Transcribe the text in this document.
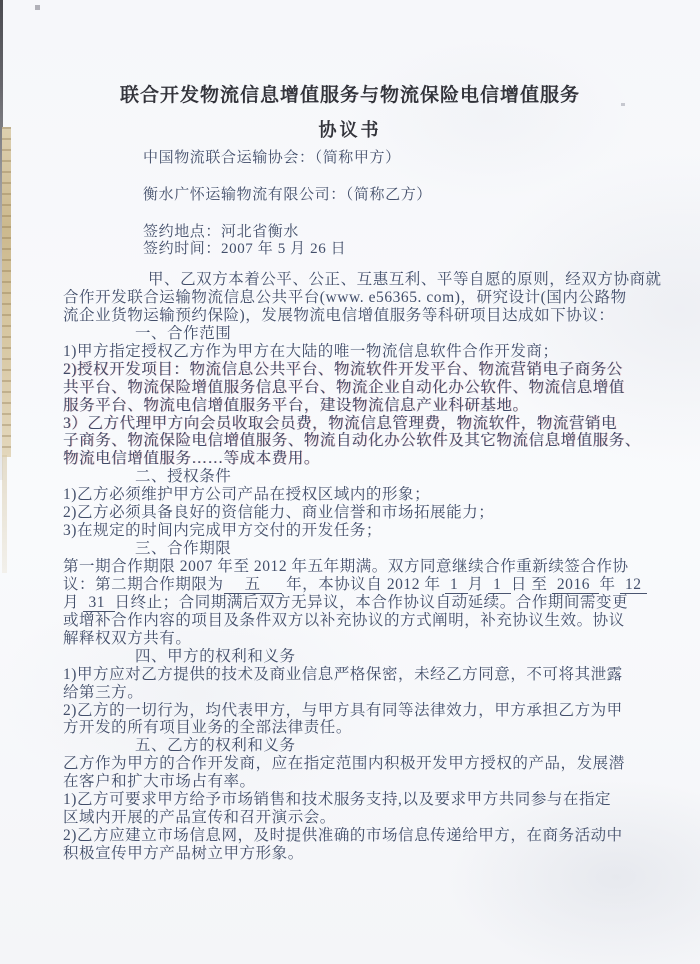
联合开发物流信息增值服务与物流保险电信增值服务
协议书
中国物流联合运输协会：（简称甲方）
衡水广怀运输物流有限公司：（简称乙方）
签约地点：河北省衡水
签约时间：2007 年 5 月 26 日
甲、乙双方本着公平、公正、互惠互利、平等自愿的原则，经双方协商就
合作开发联合运输物流信息公共平台(www. e56365. com)，研究设计(国内公路物
流企业货物运输预约保险)，发展物流电信增值服务等科研项目达成如下协议：
一、合作范围
1)甲方指定授权乙方作为甲方在大陆的唯一物流信息软件合作开发商；
2)授权开发项目：物流信息公共平台、物流软件开发平台、物流营销电子商务公
共平台、物流保险增值服务信息平台、物流企业自动化办公软件、物流信息增值
服务平台、物流电信增值服务平台，建设物流信息产业科研基地。
3）乙方代理甲方向会员收取会员费，物流信息管理费，物流软件，物流营销电
子商务、物流保险电信增值服务、物流自动化办公软件及其它物流信息增值服务、
物流电信增值服务……等成本费用。
二、授权条件
1)乙方必须维护甲方公司产品在授权区域内的形象；
2)乙方必须具备良好的资信能力、商业信誉和市场拓展能力；
3)在规定的时间内完成甲方交付的开发任务；
三、合作期限
第一期合作期限 2007 年至 2012 年五年期满。双方同意继续合作重新续签合作协
议：第二期合作期限为　五　 年，本协议自 2012 年 1 月 1 日 至 2016 年 12
月 31 日终止；合同期满后双方无异议，本合作协议自动延续。合作期间需变更
或增补合作内容的项目及条件双方以补充协议的方式阐明，补充协议生效。协议
解释权双方共有。
四、甲方的权利和义务
1)甲方应对乙方提供的技术及商业信息严格保密，未经乙方同意，不可将其泄露
给第三方。
2)乙方的一切行为，均代表甲方，与甲方具有同等法律效力，甲方承担乙方为甲
方开发的所有项目业务的全部法律责任。
五、乙方的权利和义务
乙方作为甲方的合作开发商，应在指定范围内积极开发甲方授权的产品，发展潜
在客户和扩大市场占有率。
1)乙方可要求甲方给予市场销售和技术服务支持,以及要求甲方共同参与在指定
区域内开展的产品宣传和召开演示会。
2)乙方应建立市场信息网，及时提供准确的市场信息传递给甲方，在商务活动中
积极宣传甲方产品树立甲方形象。
